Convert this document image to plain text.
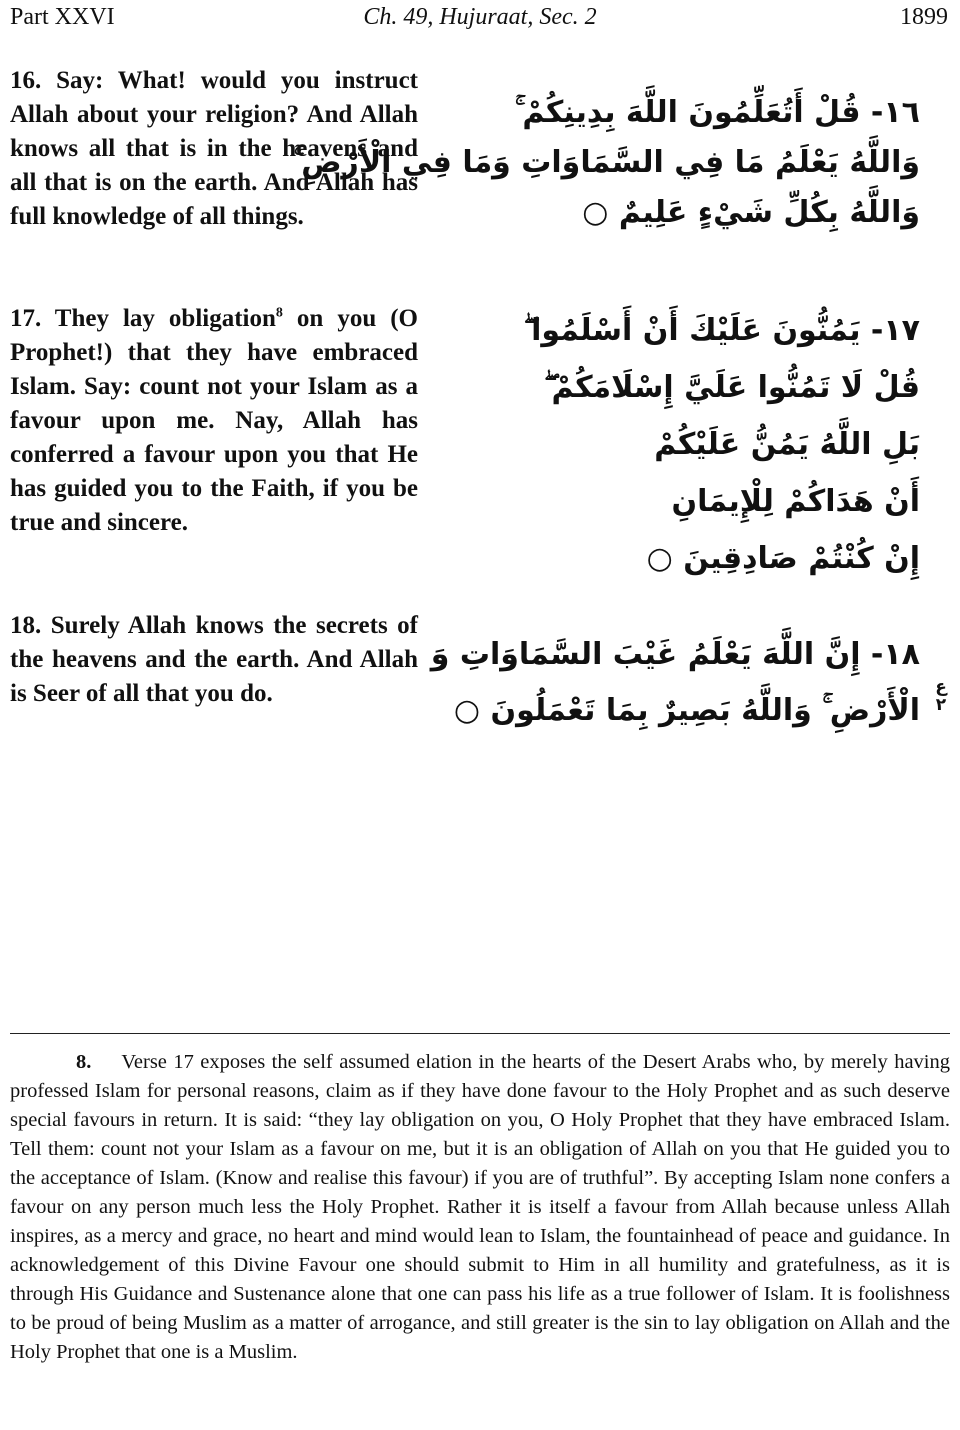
Part XXVI	Ch. 49, Hujuraat, Sec. 2	1899
16. Say: What! would you instruct Allah about your religion? And Allah knows all that is in the heavens and all that is on the earth. And Allah has full knowledge of all things.
١٦- قُلْ أَتُعَلِّمُونَ اللَّهَ بِدِينِكُمْ ۚ
وَاللَّهُ يَعْلَمُ مَا فِي السَّمَاوَاتِ وَمَا فِي الْأَرْضِ ۚ
وَاللَّهُ بِكُلِّ شَيْءٍ عَلِيمٌ ○
17. They lay obligation$^8$ on you (O Prophet!) that they have embraced Islam. Say: count not your Islam as a favour upon me. Nay, Allah has conferred a favour upon you that He has guided you to the Faith, if you be true and sincere.
١٧- يَمُنُّونَ عَلَيْكَ أَنْ أَسْلَمُوا ۖ
قُلْ لَا تَمُنُّوا عَلَيَّ إِسْلَامَكُمْ ۖ
بَلِ اللَّهُ يَمُنُّ عَلَيْكُمْ
أَنْ هَدَاكُمْ لِلْإِيمَانِ
إِنْ كُنْتُمْ صَادِقِينَ ○
18. Surely Allah knows the secrets of the heavens and the earth. And Allah is Seer of all that you do.
١٨- إِنَّ اللَّهَ يَعْلَمُ غَيْبَ السَّمَاوَاتِ وَ
الْأَرْضِ ۚ وَاللَّهُ بَصِيرٌ بِمَا تَعْمَلُونَ ○
ع ٢
8. Verse 17 exposes the self assumed elation in the hearts of the Desert Arabs who, by merely having professed Islam for personal reasons, claim as if they have done favour to the Holy Prophet and as such deserve special favours in return. It is said: “they lay obligation on you, O Holy Prophet that they have embraced Islam. Tell them: count not your Islam as a favour on me, but it is an obligation of Allah on you that He guided you to the acceptance of Islam. (Know and realise this favour) if you are of truthful”. By accepting Islam none confers a favour on any person much less the Holy Prophet. Rather it is itself a favour from Allah because unless Allah inspires, as a mercy and grace, no heart and mind would lean to Islam, the fountainhead of peace and guidance. In acknowledgement of this Divine Favour one should submit to Him in all humility and gratefulness, as it is through His Guidance and Sustenance alone that one can pass his life as a true follower of Islam. It is foolishness to be proud of being Muslim as a matter of arrogance, and still greater is the sin to lay obligation on Allah and the Holy Prophet that one is a Muslim.
